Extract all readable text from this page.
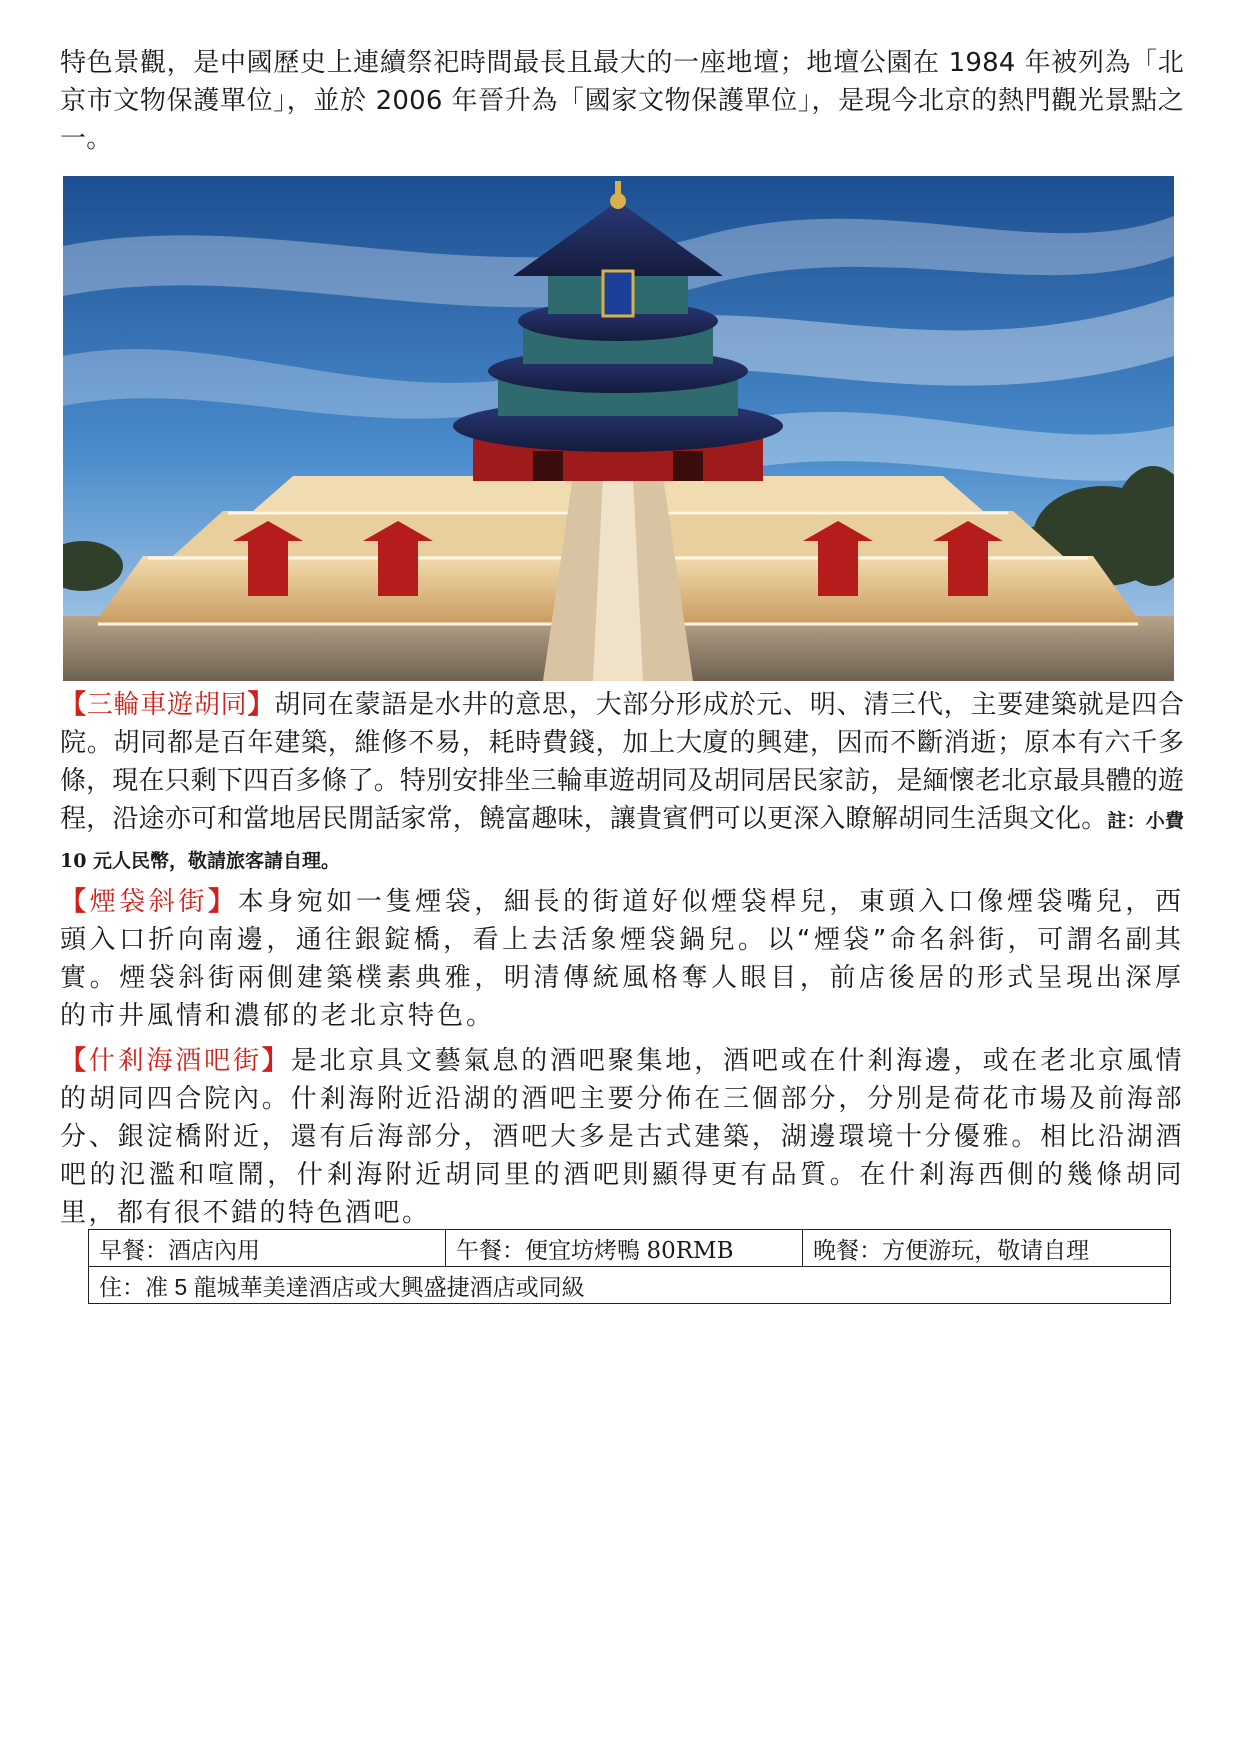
特色景觀，是中國歷史上連續祭祀時間最長且最大的一座地壇；地壇公園在 1984 年被列為「北京市文物保護單位」，並於 2006 年晉升為「國家文物保護單位」，是現今北京的熱門觀光景點之一。

【三輪車遊胡同】胡同在蒙語是水井的意思，大部分形成於元、明、清三代，主要建築就是四合院。胡同都是百年建築，維修不易，耗時費錢，加上大廈的興建，因而不斷消逝；原本有六千多條，現在只剩下四百多條了。特別安排坐三輪車遊胡同及胡同居民家訪，是緬懷老北京最具體的遊程，沿途亦可和當地居民閒話家常，饒富趣味，讓貴賓們可以更深入瞭解胡同生活與文化。註：小費 10 元人民幣，敬請旅客請自理。

【煙袋斜街】本身宛如一隻煙袋，細長的街道好似煙袋桿兒，東頭入口像煙袋嘴兒，西頭入口折向南邊，通往銀錠橋，看上去活象煙袋鍋兒。以“煙袋”命名斜街，可謂名副其實。煙袋斜街兩側建築樸素典雅，明清傳統風格奪人眼目，前店後居的形式呈現出深厚的市井風情和濃郁的老北京特色。

【什剎海酒吧街】是北京具文藝氣息的酒吧聚集地，酒吧或在什剎海邊，或在老北京風情的胡同四合院內。什剎海附近沿湖的酒吧主要分佈在三個部分，分別是荷花市場及前海部分、銀淀橋附近，還有后海部分，酒吧大多是古式建築，湖邊環境十分優雅。相比沿湖酒吧的氾濫和喧鬧，什剎海附近胡同里的酒吧則顯得更有品質。在什剎海西側的幾條胡同里，都有很不錯的特色酒吧。

早餐：酒店內用	午餐：便宜坊烤鴨 80RMB	晚餐：方便游玩，敬请自理
住：准 5 龍城華美達酒店或大興盛捷酒店或同級
